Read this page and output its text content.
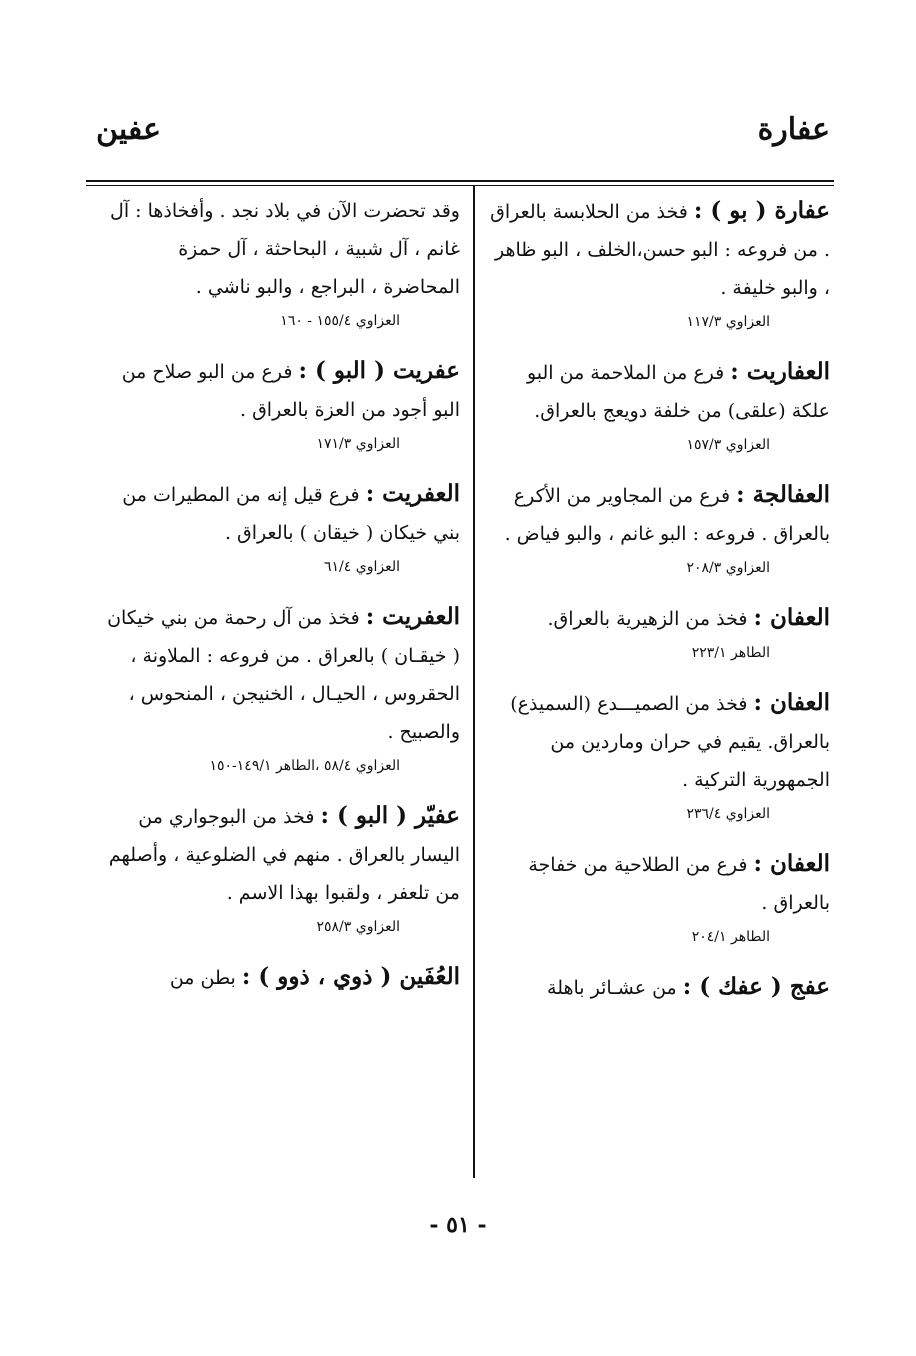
عفين	عفارة

عفارة ( بو ) : فخذ من الحلابسة بالعراق . من فروعه : البو حسن،الخلف ، البو ظاهر ، والبو خليفة .

العزاوي ١١٧/٣

العفاريت : فرع من الملاحمة من البو علكة (علقى) من خلفة دويعج بالعراق.

العزاوي ١٥٧/٣

العفالجة : فرع من المجاوير من الأكرع بالعراق . فروعه : البو غانم ، والبو فياض .

العزاوي ٢٠٨/٣

العفان : فخذ من الزهيرية بالعراق.

الطاهر ٢٢٣/١

العفان : فخذ من الصميـــدع (السميذع) بالعراق. يقيم في حران وماردين من الجمهورية التركية .

العزاوي ٢٣٦/٤

العفان : فرع من الطلاحية من خفاجة بالعراق .

الطاهر ٢٠٤/١

عفج ( عفك ) : من عشـائر باهلة

وقد تحضرت الآن في بلاد نجد . وأفخاذها : آل غانم ، آل شبية ، البحاحثة ، آل حمزة المحاضرة ، البراجع ، والبو ناشي .

العزاوي ١٥٥/٤ - ١٦٠

عفريت ( البو ) : فرع من البو صلاح من البو أجود من العزة بالعراق .

العزاوي ١٧١/٣

العفريت : فرع قيل إنه من المطيرات من بني خيكان ( خيقان ) بالعراق .

العزاوي ٦١/٤

العفريت : فخذ من آل رحمة من بني خيكان ( خيقـان ) بالعراق . من فروعه : الملاونة ، الحقروس ، الحيـال ، الخنيجن ، المنحوس ، والصبيح .

العزاوي ٥٨/٤ ،الطاهر ١٤٩/١-١٥٠

عفيّر ( البو ) : فخذ من البوجواري من اليسار بالعراق . منهم في الضلوعية ، وأصلهم من تلعفر ، ولقبوا بهذا الاسم .

العزاوي ٢٥٨/٣

العُفَين ( ذوي ، ذوو ) : بطن من

- ٥١ -
